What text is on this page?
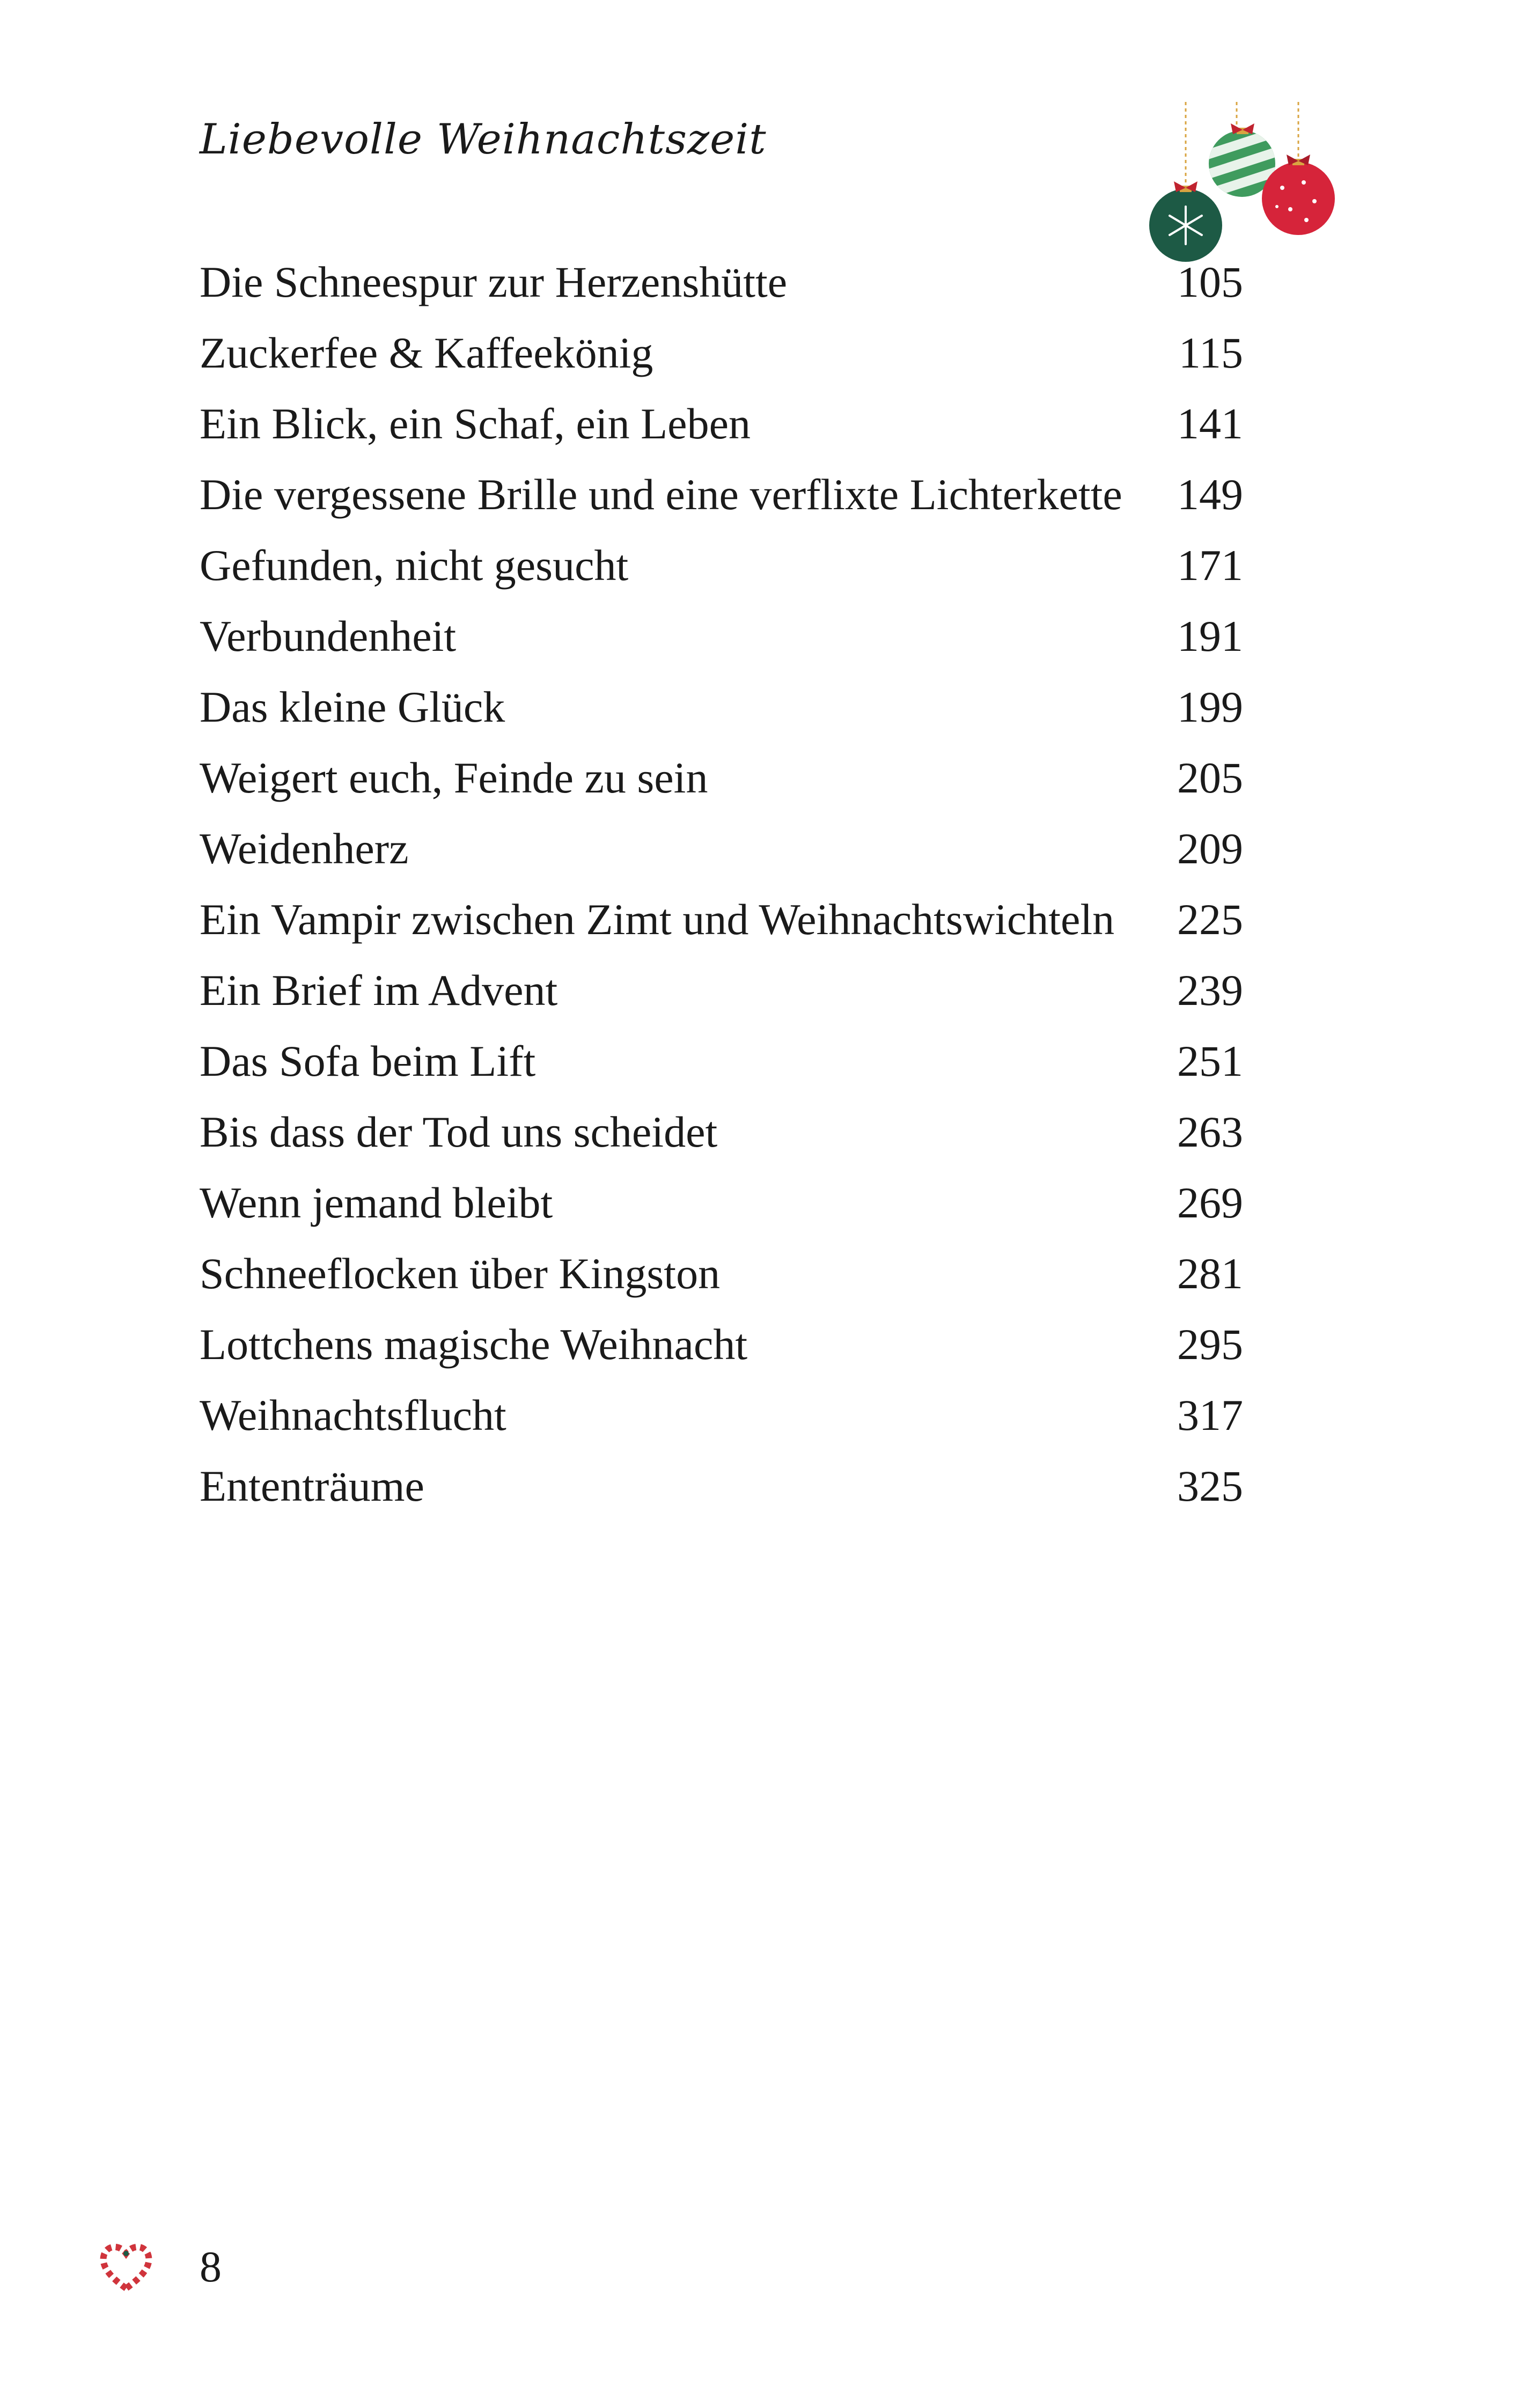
Liebevolle Weihnachtszeit
Die Schneespur zur Herzenshütte	105
Zuckerfee & Kaffeekönig	115
Ein Blick, ein Schaf, ein Leben	141
Die vergessene Brille und eine verflixte Lichterkette 149
Gefunden, nicht gesucht	171
Verbundenheit	191
Das kleine Glück	199
Weigert euch, Feinde zu sein	205
Weidenherz	209
Ein Vampir zwischen Zimt und Weihnachtswichteln 225
Ein Brief im Advent	239
Das Sofa beim Lift	251
Bis dass der Tod uns scheidet	263
Wenn jemand bleibt	269
Schneeflocken über Kingston	281
Lottchens magische Weihnacht	295
Weihnachtsflucht	317
Ententräume	325
8
